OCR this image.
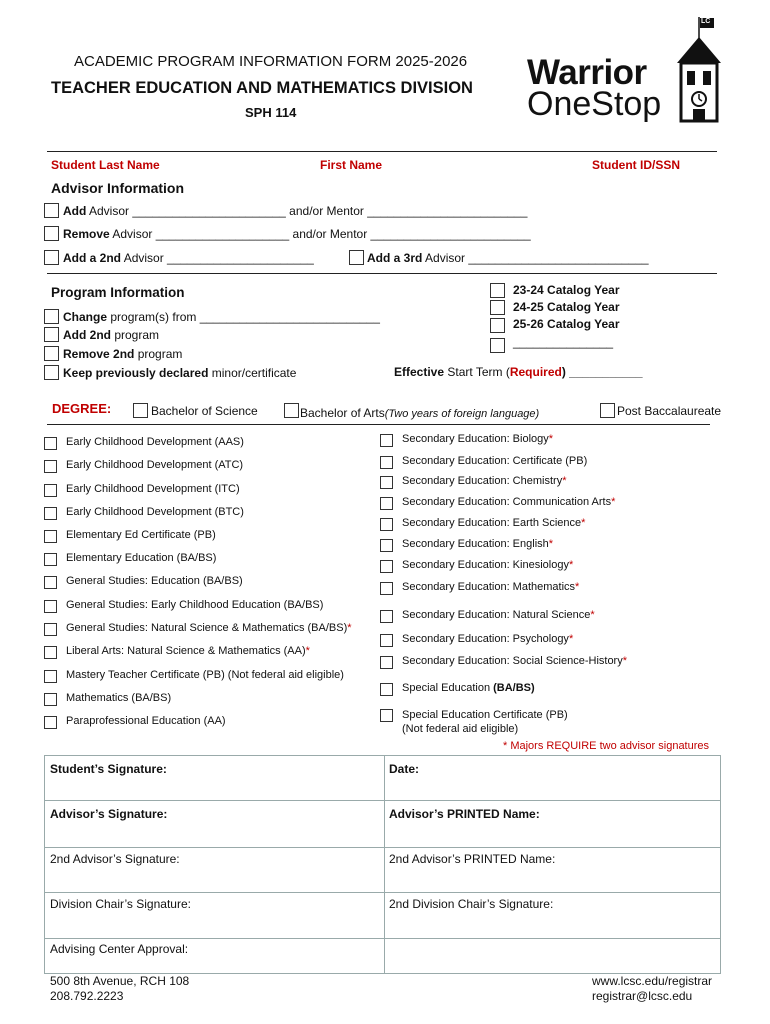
ACADEMIC PROGRAM INFORMATION FORM 2025-2026
TEACHER EDUCATION AND MATHEMATICS DIVISION
SPH 114
Warrior
OneStop
LC
Student Last Name	First Name	Student ID/SSN
Advisor Information
Add Advisor _______________________ and/or Mentor ________________________
Remove Advisor ____________________ and/or Mentor ________________________
Add a 2nd Advisor ______________________	Add a 3rd Advisor ___________________________
Program Information
Change program(s) from ___________________________
Add 2nd program
Remove 2nd program
Keep previously declared minor/certificate
23-24 Catalog Year
24-25 Catalog Year
25-26 Catalog Year
_______________
Effective Start Term (Required) ___________
DEGREE:	Bachelor of Science	Bachelor of Arts(Two years of foreign language)	Post Baccalaureate
* Majors REQUIRE two advisor signatures
Student’s Signature:	Date:
Advisor’s Signature:	Advisor’s PRINTED Name:
2nd Advisor’s Signature:	2nd Advisor’s PRINTED Name:
Division Chair’s Signature:	2nd Division Chair’s Signature:
Advising Center Approval:
500 8th Avenue, RCH 108
208.792.2223
www.lcsc.edu/registrar
registrar@lcsc.edu
Early Childhood Development (AAS)
Early Childhood Development (ATC)
Early Childhood Development (ITC)
Early Childhood Development (BTC)
Elementary Ed Certificate (PB)
Elementary Education (BA/BS)
General Studies: Education (BA/BS)
General Studies: Early Childhood Education (BA/BS)
General Studies: Natural Science & Mathematics (BA/BS)*
Liberal Arts: Natural Science & Mathematics (AA)*
Mastery Teacher Certificate (PB) (Not federal aid eligible)
Mathematics (BA/BS)
Paraprofessional Education (AA)
Secondary Education: Biology*
Secondary Education: Certificate (PB)
Secondary Education: Chemistry*
Secondary Education: Communication Arts*
Secondary Education: Earth Science*
Secondary Education: English*
Secondary Education: Kinesiology*
Secondary Education: Mathematics*
Secondary Education: Natural Science*
Secondary Education: Psychology*
Secondary Education: Social Science-History*
Special Education (BA/BS)
Special Education Certificate (PB)
(Not federal aid eligible)
